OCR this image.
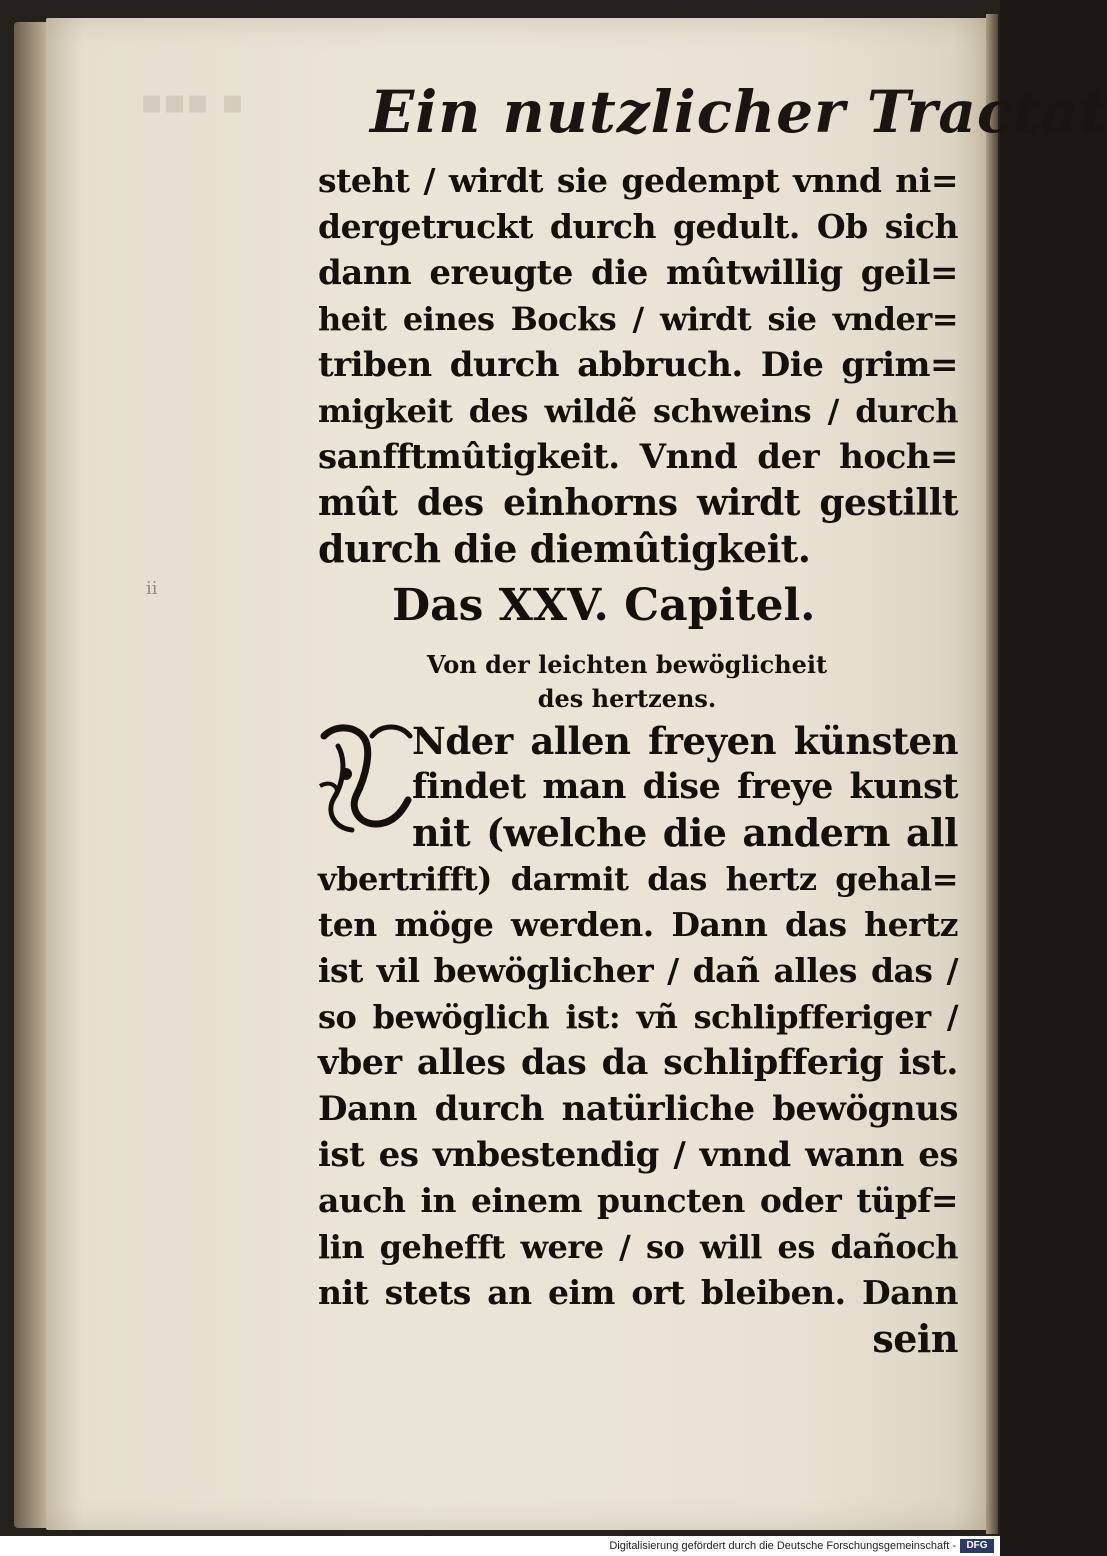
▪▪▪ ▪ Ein nutzlicher Tractat
steht / wirdt sie gedempt vnnd ni=
dergetruckt durch gedult. Ob sich
dann ereugte die mûtwillig geil=
heit eines Bocks / wirdt sie vnder=
triben durch abbruch. Die grim=
migkeit des wildẽ schweins / durch
sanfftmûtigkeit. Vnnd der hoch=
mût des einhorns wirdt gestillt
durch die diemûtigkeit.
ii	Das XXV. Capitel.
Von der leichten bewöglicheit
des hertzens.
Nder allen freyen künsten
findet man dise freye kunst
nit (welche die andern all
vbertrifft) darmit das hertz gehal=
ten möge werden. Dann das hertz
ist vil bewöglicher / dañ alles das /
so bewöglich ist: vñ schlipfferiger /
vber alles das da schlipfferig ist.
Dann durch natürliche bewögnus
ist es vnbestendig / vnnd wann es
auch in einem puncten oder tüpf=
lin gehefft were / so will es dañoch
nit stets an eim ort bleiben. Dann
sein
Digitalisierung gefördert durch die Deutsche Forschungsgemeinschaft -	DFG
